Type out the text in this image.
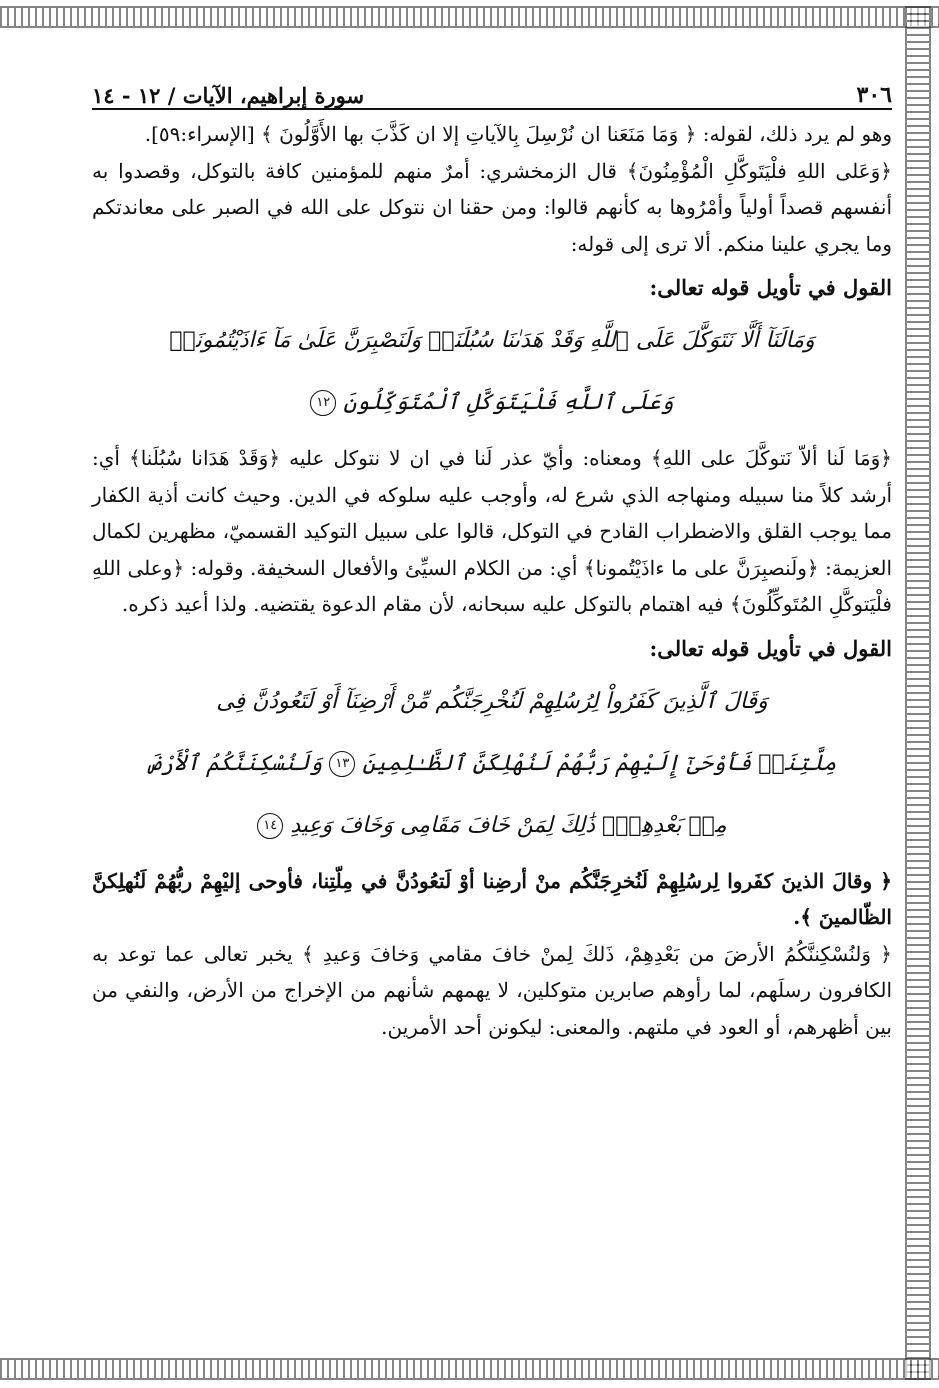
٣٠٦
سورة إبراهيم، الآيات / ١٢ - ١٤

وهو لم يرد ذلك، لقوله: ﴿ وَمَا مَنَعَنا ان نُرْسِلَ بِالآياتِ إلا ان كَذَّبَ بها الأَوَّلُونَ ﴾ [الإسراء:٥٩].

﴿وَعَلى اللهِ فلْيَتَوكَّلِ الْمُؤْمِنُونَ﴾ قال الزمخشري: أمرٌ منهم للمؤمنين كافة بالتوكل، وقصدوا به أنفسهم قصداً أولياً وأمْرُوها به كأنهم قالوا: ومن حقنا ان نتوكل على الله في الصبر على معاندتكم وما يجري علينا منكم. ألا ترى إلى قوله:

القول في تأويل قوله تعالى:

وَمَالَنَآ أَلَّا نَتَوَكَّلَ عَلَى ٱللَّهِ وَقَدْ هَدَىٰنَا سُبُلَنَاۚ وَلَنَصْبِرَنَّ عَلَىٰ مَآ ءَاذَيْتُمُونَاۚ

وَعَلَى ٱللَّهِ فَلْيَتَوَكَّلِ ٱلْمُتَوَكِّلُونَ ١٢

﴿وَمَا لَنا ألاّ نَتوكَّلَ على اللهِ﴾ ومعناه: وأيّ عذر لَنا في ان لا نتوكل عليه ﴿وَقَدْ هَدَانا سُبُلَنا﴾ أي: أرشد كلاً منا سبيله ومنهاجه الذي شرع له، وأوجب عليه سلوكه في الدين. وحيث كانت أذية الكفار مما يوجب القلق والاضطراب القادح في التوكل، قالوا على سبيل التوكيد القسميّ، مظهرين لكمال العزيمة: ﴿ولَنصبِرَنَّ على ما ءاذَيْتُمونا﴾ أي: من الكلام السيِّئ والأفعال السخيفة. وقوله: ﴿وعلى اللهِ فلْيَتوكَّلِ المُتَوكِّلُونَ﴾ فيه اهتمام بالتوكل عليه سبحانه، لأن مقام الدعوة يقتضيه. ولذا أعيد ذكره.

القول في تأويل قوله تعالى:

وَقَالَ ٱلَّذِينَ كَفَرُواْ لِرُسُلِهِمْ لَنُخْرِجَنَّكُم مِّنْ أَرْضِنَآ أَوْ لَتَعُودُنَّ فِى

مِلَّتِنَاۖ فَأَوْحَىٰٓ إِلَيْهِمْ رَبُّهُمْ لَنُهْلِكَنَّ ٱلظَّـٰلِمِينَ ١٣ وَلَنُسْكِنَنَّكُمُ ٱلْأَرْضَ

مِنۢ بَعْدِهِمْۚ ذَٰلِكَ لِمَنْ خَافَ مَقَامِى وَخَافَ وَعِيدِ ١٤

﴿ وقالَ الذينَ كفَروا لِرسُلِهِمْ لَنُخرِجَنَّكُم منْ أرضِنا أوْ لَتعُودُنَّ في مِلّتِنا، فأوحى إليْهِمْ ربُّهُمْ لَنُهلِكنَّ الظّالمينَ ﴾.

﴿ وَلنُسْكِننَّكُمُ الأرضَ من بَعْدِهِمْ، ذَلكَ لِمنْ خافَ مقامي وَخافَ وَعيدِ ﴾ يخبر تعالى عما توعد به الكافرون رسلَهم، لما رأوهم صابرين متوكلين، لا يهمهم شأنهم من الإخراج من الأرض، والنفي من بين أظهرهم، أو العود في ملتهم. والمعنى: ليكونن أحد الأمرين.
